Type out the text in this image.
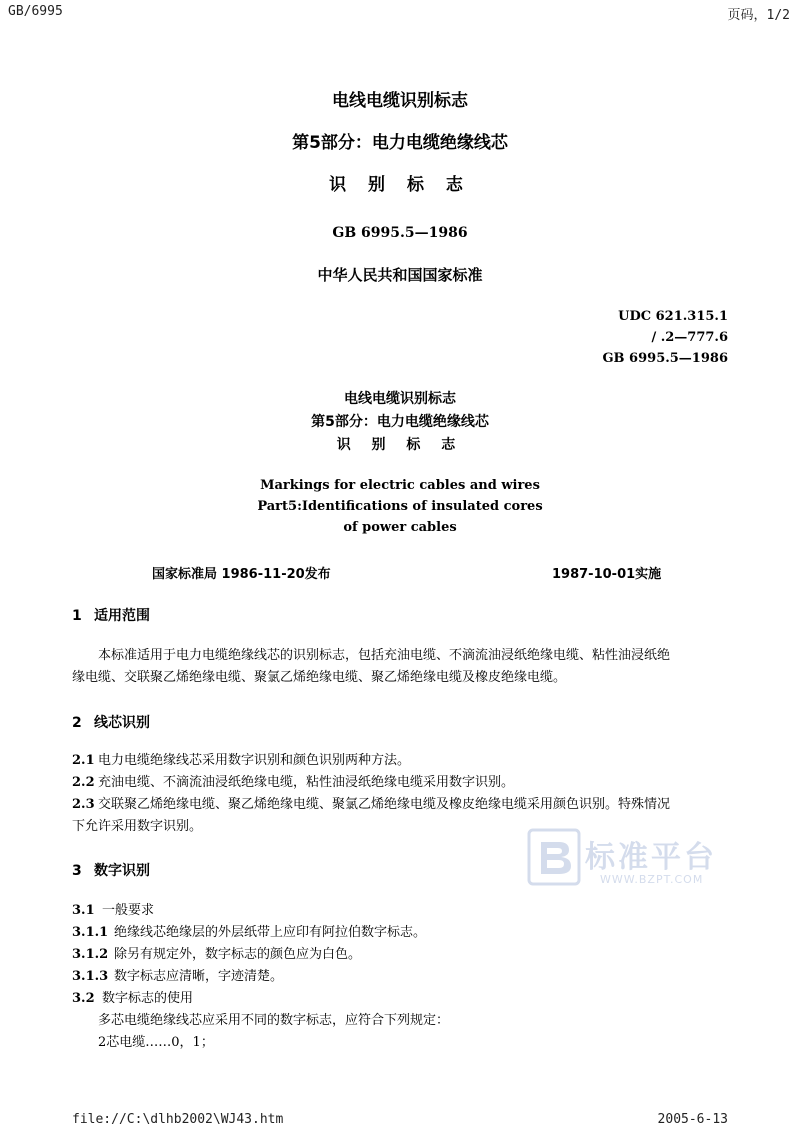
GB/6995	页码，1/2
电线电缆识别标志
第5部分：电力电缆绝缘线芯
识 别 标 志
GB 6995.5—1986
中华人民共和国国家标准
UDC 621.315.1
/ .2—777.6
GB 6995.5—1986
电线电缆识别标志
第5部分：电力电缆绝缘线芯
识 别 标 志
Markings for electric cables and wires
Part5:Identifications of insulated cores
of power cables
国家标准局 1986-11-20发布	1987-10-01实施
1 适用范围
本标准适用于电力电缆绝缘线芯的识别标志，包括充油电缆、不滴流油浸纸绝缘电缆、粘性油浸纸绝
缘电缆、交联聚乙烯绝缘电缆、聚氯乙烯绝缘电缆、聚乙烯绝缘电缆及橡皮绝缘电缆。
2 线芯识别
2.1 电力电缆绝缘线芯采用数字识别和颜色识别两种方法。
2.2 充油电缆、不滴流油浸纸绝缘电缆，粘性油浸纸绝缘电缆采用数字识别。
2.3 交联聚乙烯绝缘电缆、聚乙烯绝缘电缆、聚氯乙烯绝缘电缆及橡皮绝缘电缆采用颜色识别。特殊情况
下允许采用数字识别。
3 数字识别
3.1 一般要求
3.1.1 绝缘线芯绝缘层的外层纸带上应印有阿拉伯数字标志。
3.1.2 除另有规定外，数字标志的颜色应为白色。
3.1.3 数字标志应清晰，字迹清楚。
3.2 数字标志的使用
多芯电缆绝缘线芯应采用不同的数字标志，应符合下列规定：
2芯电缆……0，1；
标准平台
WWW.BZPT.COM
file://C:\dlhb2002\WJ43.htm	2005-6-13
